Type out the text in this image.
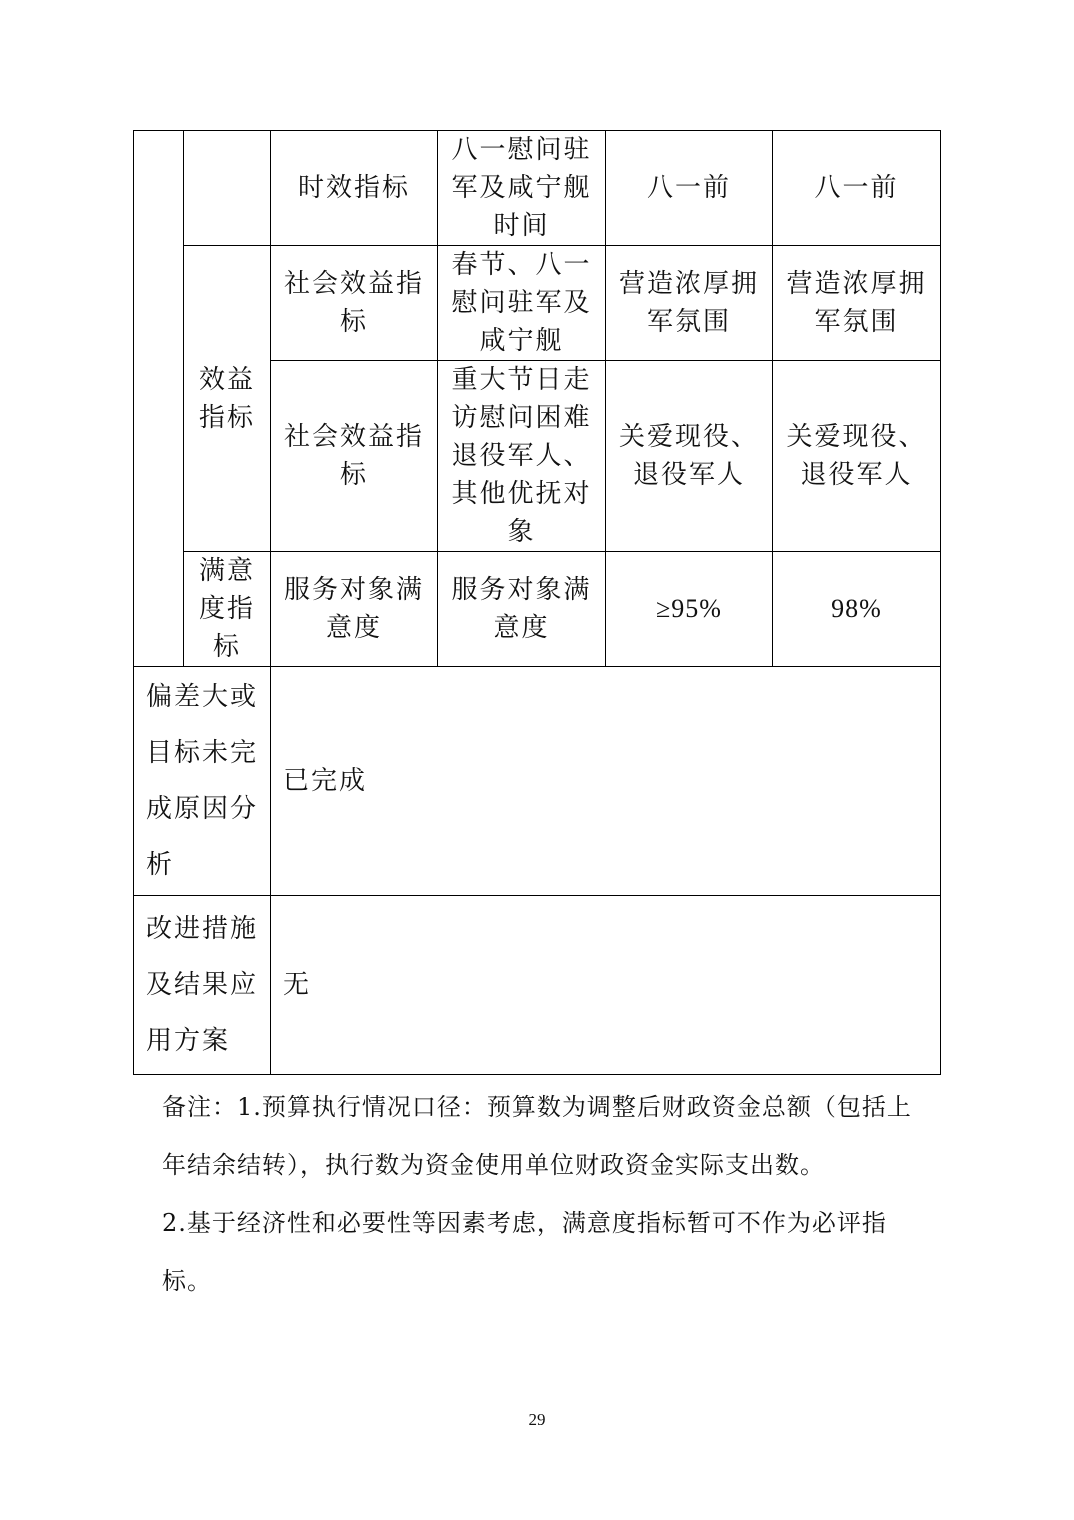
		时效指标	八一慰问驻军及咸宁舰时间	八一前	八一前
	效益指标	社会效益指标	春节、八一慰问驻军及咸宁舰	营造浓厚拥军氛围	营造浓厚拥军氛围
		社会效益指标	重大节日走访慰问困难退役军人、其他优抚对象	关爱现役、退役军人	关爱现役、退役军人
	满意度指标	服务对象满意度	服务对象满意度	≥95%	98%
偏差大或目标未完成原因分析		已完成			
改进措施及结果应用方案		无			

备注：1.预算执行情况口径：预算数为调整后财政资金总额（包括上年结余结转），执行数为资金使用单位财政资金实际支出数。

2.基于经济性和必要性等因素考虑，满意度指标暂可不作为必评指标。

29
